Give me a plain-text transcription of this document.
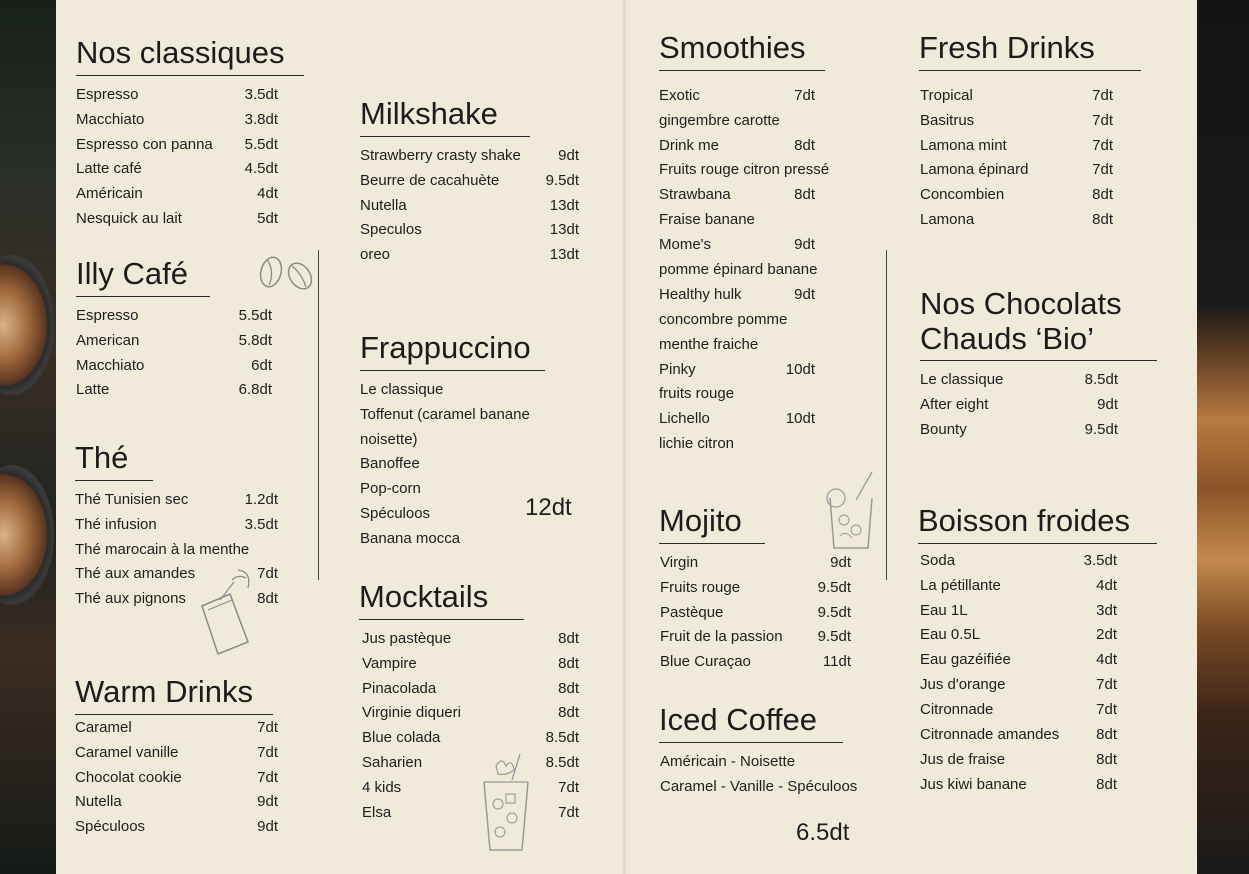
Nos classiques
Espresso	3.5dt
Macchiato	3.8dt
Espresso con panna 5.5dt
Latte café	4.5dt
Américain	4dt
Nesquick au lait	5dt
Illy Café
Espresso	5.5dt
American	5.8dt
Macchiato	6dt
Latte	6.8dt
Thé
Thé Tunisien sec	1.2dt
Thé infusion	3.5dt
Thé marocain à la menthe
Thé aux amandes	7dt
Thé aux pignons	8dt
Warm Drinks
Caramel	7dt
Caramel vanille	7dt
Chocolat cookie	7dt
Nutella	9dt
Spéculoos	9dt
Milkshake
Strawberry crasty shake 9dt
Beurre de cacahuète	9.5dt
Nutella	13dt
Speculos	13dt
oreo	13dt
Frappuccino
Le classique
Toffenut (caramel banane
noisette)
Banoffee
Pop-corn
Spéculoos
Banana mocca
12dt
Mocktails
Jus pastèque	8dt
Vampire	8dt
Pinacolada	8dt
Virginie diqueri	8dt
Blue colada	8.5dt
Saharien	8.5dt
4 kids	7dt
Elsa	7dt
Smoothies
Exotic	7dt
gingembre carotte
Drink me	8dt
Fruits rouge citron pressé
Strawbana	8dt
Fraise banane
Mome's	9dt
pomme épinard banane
Healthy hulk	9dt
concombre pomme
menthe fraiche
Pinky	10dt
fruits rouge
Lichello	10dt
lichie citron
Mojito
Virgin	9dt
Fruits rouge	9.5dt
Pastèque	9.5dt
Fruit de la passion 9.5dt
Blue Curaçao	11dt
Iced Coffee
Américain - Noisette
Caramel - Vanille - Spéculoos
6.5dt
Fresh Drinks
Tropical	7dt
Basitrus	7dt
Lamona mint	7dt
Lamona épinard	7dt
Concombien	8dt
Lamona	8dt
Nos Chocolats
Chauds ‘Bio’
Le classique	8.5dt
After eight	9dt
Bounty	9.5dt
Boisson froides
Soda	3.5dt
La pétillante	4dt
Eau 1L	3dt
Eau 0.5L	2dt
Eau gazéifiée	4dt
Jus d'orange	7dt
Citronnade	7dt
Citronnade amandes 8dt
Jus de fraise	8dt
Jus kiwi banane	8dt
